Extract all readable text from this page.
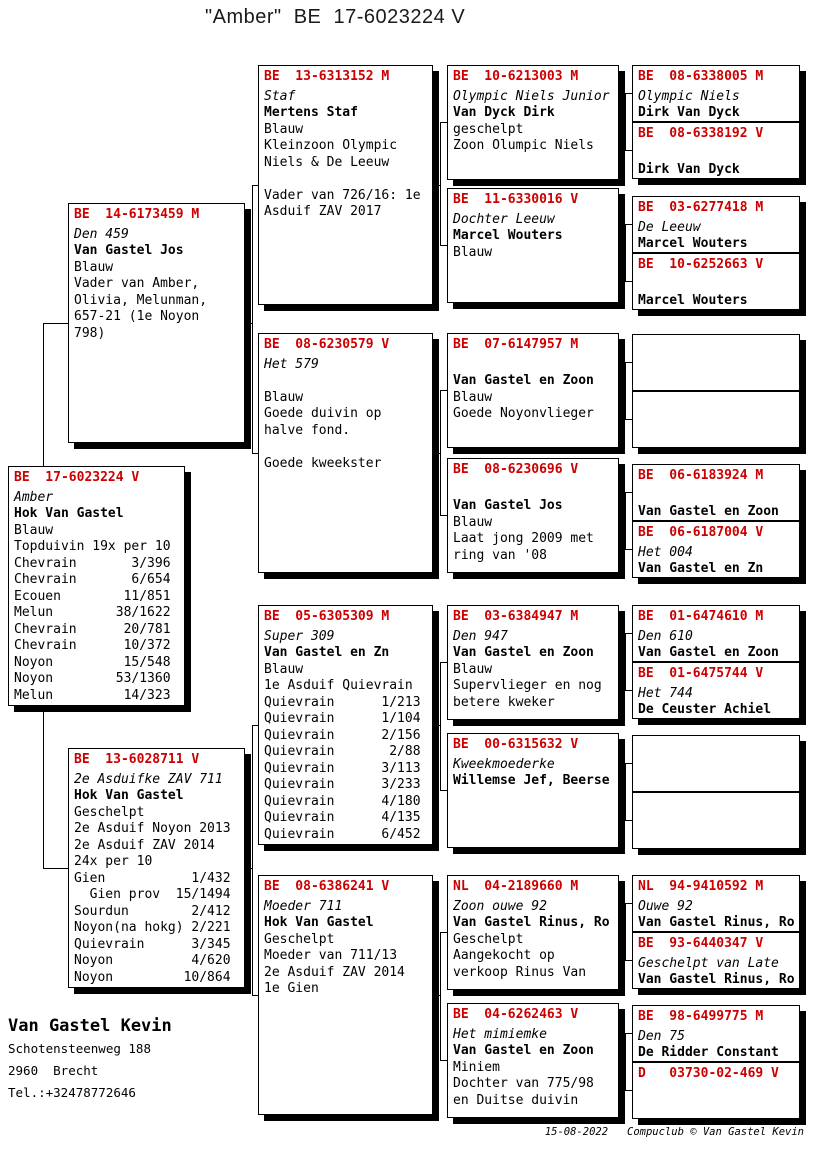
"Amber"  BE  17-6023224 V
BE  17-6023224 V
Amber
Hok Van Gastel
Blauw
Topduivin 19x per 10
Chevrain       3/396
Chevrain       6/654
Ecouen        11/851
Melun        38/1622
Chevrain      20/781
Chevrain      10/372
Noyon         15/548
Noyon        53/1360
Melun         14/323
BE  14-6173459 M
Den 459
Van Gastel Jos
Blauw
Vader van Amber,
Olivia, Melunman,
657-21 (1e Noyon
798)
BE  13-6028711 V
2e Asduifke ZAV 711
Hok Van Gastel
Geschelpt
2e Asduif Noyon 2013
2e Asduif ZAV 2014
24x per 10
Gien           1/432
Gien prov  15/1494
Sourdun        2/412
Noyon(na hokg) 2/221
Quievrain      3/345
Noyon          4/620
Noyon         10/864
BE  13-6313152 M
Staf
Mertens Staf
Blauw
Kleinzoon Olympic
Niels & De Leeuw
Vader van 726/16: 1e
Asduif ZAV 2017
BE  08-6230579 V
Het 579
Blauw
Goede duivin op
halve fond.
Goede kweekster
BE  05-6305309 M
Super 309
Van Gastel en Zn
Blauw
1e Asduif Quievrain
Quievrain      1/213
Quievrain      1/104
Quievrain      2/156
Quievrain       2/88
Quievrain      3/113
Quievrain      3/233
Quievrain      4/180
Quievrain      4/135
Quievrain      6/452
BE  08-6386241 V
Moeder 711
Hok Van Gastel
Geschelpt
Moeder van 711/13
2e Asduif ZAV 2014
1e Gien
BE  10-6213003 M
Olympic Niels Junior
Van Dyck Dirk
geschelpt
Zoon Olumpic Niels
BE  11-6330016 V
Dochter Leeuw
Marcel Wouters
Blauw
BE  07-6147957 M
Van Gastel en Zoon
Blauw
Goede Noyonvlieger
BE  08-6230696 V
Van Gastel Jos
Blauw
Laat jong 2009 met
ring van '08
BE  03-6384947 M
Den 947
Van Gastel en Zoon
Blauw
Supervlieger en nog
betere kweker
BE  00-6315632 V
Kweekmoederke
Willemse Jef, Beerse
NL  04-2189660 M
Zoon ouwe 92
Van Gastel Rinus, Ro
Geschelpt
Aangekocht op
verkoop Rinus Van
BE  04-6262463 V
Het mimiemke
Van Gastel en Zoon
Miniem
Dochter van 775/98
en Duitse duivin
BE  08-6338005 M
Olympic Niels
Dirk Van Dyck
BE  08-6338192 V
Dirk Van Dyck
BE  03-6277418 M
De Leeuw
Marcel Wouters
BE  10-6252663 V
Marcel Wouters
BE  06-6183924 M
Van Gastel en Zoon
BE  06-6187004 V
Het 004
Van Gastel en Zn
BE  01-6474610 M
Den 610
Van Gastel en Zoon
BE  01-6475744 V
Het 744
De Ceuster Achiel
NL  94-9410592 M
Ouwe 92
Van Gastel Rinus, Ro
BE  93-6440347 V
Geschelpt van Late
Van Gastel Rinus, Ro
BE  98-6499775 M
Den 75
De Ridder Constant
D   03730-02-469 V
Van Gastel Kevin
Schotensteenweg 188
2960  Brecht
Tel.:+32478772646
15-08-2022   Compuclub © Van Gastel Kevin
